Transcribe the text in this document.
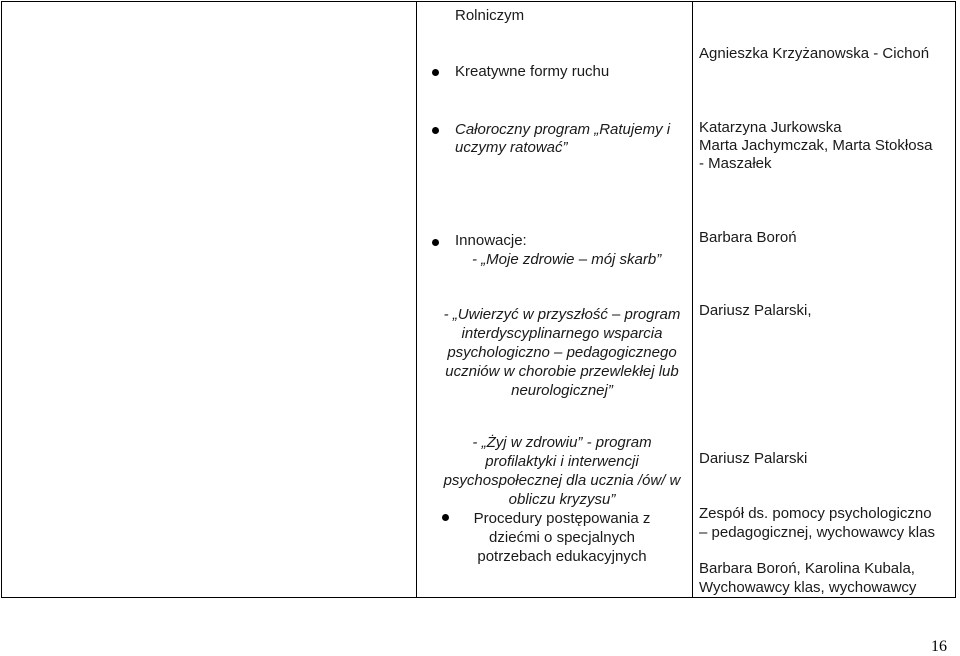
Rolniczym
Kreatywne formy ruchu
Agnieszka Krzyżanowska - Cichoń
Całoroczny program „Ratujemy i
uczymy ratować”
Katarzyna Jurkowska
Marta Jachymczak, Marta Stokłosa
- Maszałek
Innowacje:
- „Moje zdrowie – mój skarb”
Barbara Boroń
- „Uwierzyć w przyszłość – program
interdyscyplinarnego wsparcia
psychologiczno – pedagogicznego
uczniów w chorobie przewlekłej lub
neurologicznej”
Dariusz Palarski,
- „Żyj w zdrowiu” - program
profilaktyki i interwencji
psychospołecznej dla ucznia /ów/ w
obliczu kryzysu”
Procedury postępowania z
dziećmi o specjalnych
potrzebach edukacyjnych
Dariusz Palarski
Zespół ds. pomocy psychologiczno
– pedagogicznej, wychowawcy klas
Barbara Boroń, Karolina Kubala,
Wychowawcy klas, wychowawcy
16
